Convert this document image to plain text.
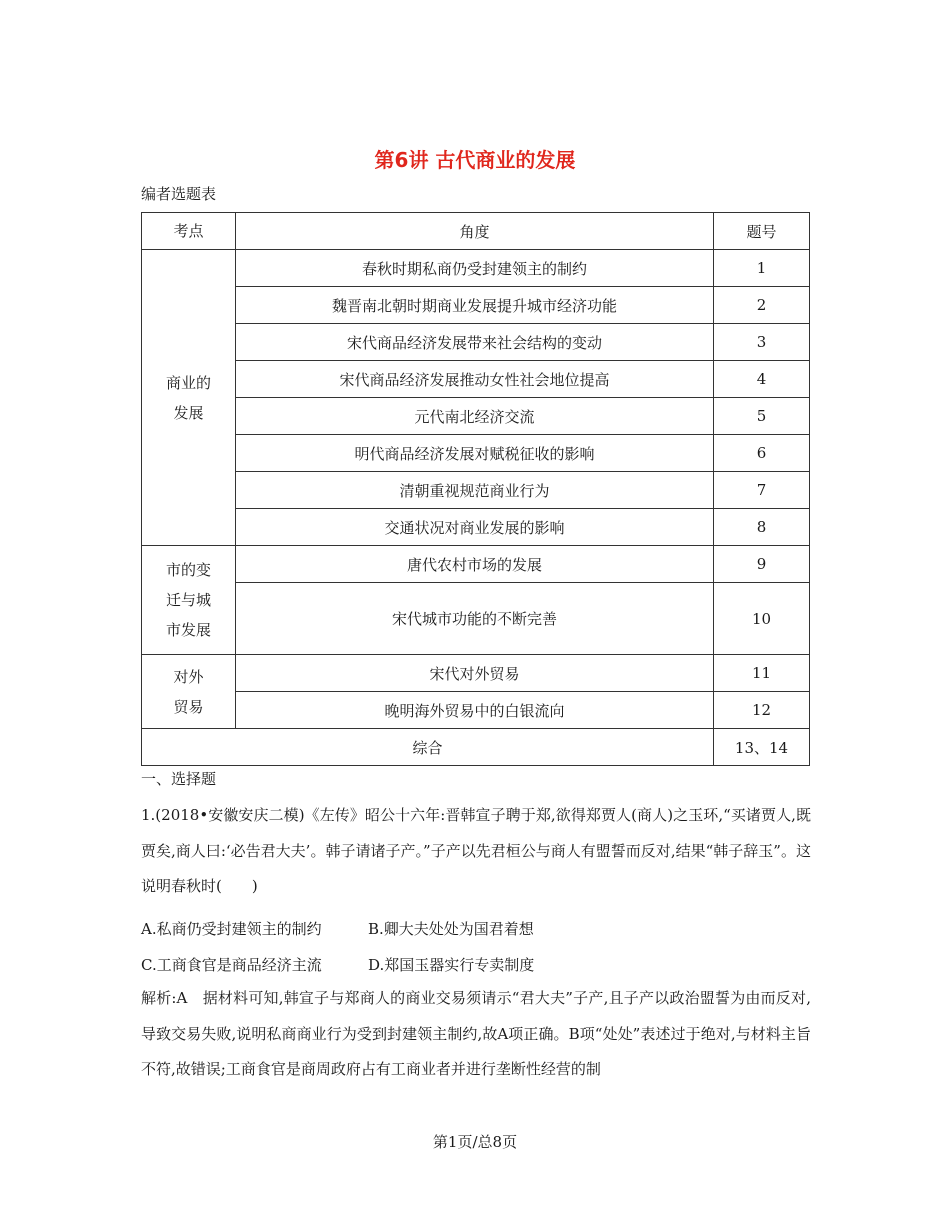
第6讲 古代商业的发展
编者选题表
考点	角度	题号

商业的
发展	春秋时期私商仍受封建领主的制约	1
	魏晋南北朝时期商业发展提升城市经济功能	2
	宋代商品经济发展带来社会结构的变动	3
	宋代商品经济发展推动女性社会地位提高	4
	元代南北经济交流	5
	明代商品经济发展对赋税征收的影响	6
	清朝重视规范商业行为	7
	交通状况对商业发展的影响	8

市的变
迁与城
市发展	唐代农村市场的发展	9
	宋代城市功能的不断完善	10

对外
贸易	宋代对外贸易	11
	晚明海外贸易中的白银流向	12
综合		13、14
一、选择题
1.(2018•安徽安庆二模)《左传》昭公十六年:晋韩宣子聘于郑,欲得郑贾人(商人)之玉环,“买诸贾人,既贾矣,商人曰:‘必告君大夫’。韩子请诸子产。”子产以先君桓公与商人有盟誓而反对,结果“韩子辞玉”。这说明春秋时(　　)
A.私商仍受封建领主的制约	B.卿大夫处处为国君着想
C.工商食官是商品经济主流	D.郑国玉器实行专卖制度
解析:A　据材料可知,韩宣子与郑商人的商业交易须请示“君大夫”子产,且子产以政治盟誓为由而反对,导致交易失败,说明私商商业行为受到封建领主制约,故A项正确。B项“处处”表述过于绝对,与材料主旨不符,故错误;工商食官是商周政府占有工商业者并进行垄断性经营的制
第1页/总8页
